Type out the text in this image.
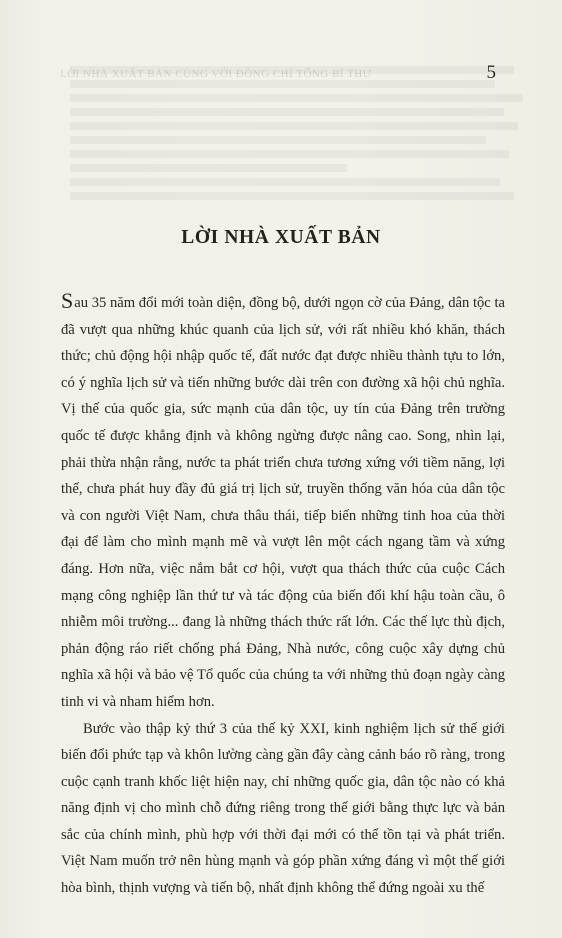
LỜI NHÀ XUẤT BẢN CÙNG VỚI ĐỒNG CHÍ TỔNG BÍ THƯ	5
LỜI NHÀ XUẤT BẢN

Sau 35 năm đổi mới toàn diện, đồng bộ, dưới ngọn cờ của Đảng, dân tộc ta đã vượt qua những khúc quanh của lịch sử, với rất nhiều khó khăn, thách thức; chủ động hội nhập quốc tế, đất nước đạt được nhiều thành tựu to lớn, có ý nghĩa lịch sử và tiến những bước dài trên con đường xã hội chủ nghĩa. Vị thế của quốc gia, sức mạnh của dân tộc, uy tín của Đảng trên trường quốc tế được khẳng định và không ngừng được nâng cao. Song, nhìn lại, phải thừa nhận rằng, nước ta phát triển chưa tương xứng với tiềm năng, lợi thế, chưa phát huy đầy đủ giá trị lịch sử, truyền thống văn hóa của dân tộc và con người Việt Nam, chưa thâu thái, tiếp biến những tinh hoa của thời đại để làm cho mình mạnh mẽ và vượt lên một cách ngang tầm và xứng đáng. Hơn nữa, việc nắm bắt cơ hội, vượt qua thách thức của cuộc Cách mạng công nghiệp lần thứ tư và tác động của biến đổi khí hậu toàn cầu, ô nhiễm môi trường... đang là những thách thức rất lớn. Các thế lực thù địch, phản động ráo riết chống phá Đảng, Nhà nước, công cuộc xây dựng chủ nghĩa xã hội và bảo vệ Tổ quốc của chúng ta với những thủ đoạn ngày càng tinh vi và nham hiểm hơn.

Bước vào thập kỷ thứ 3 của thế kỷ XXI, kinh nghiệm lịch sử thế giới biến đổi phức tạp và khôn lường càng gần đây càng cảnh báo rõ ràng, trong cuộc cạnh tranh khốc liệt hiện nay, chỉ những quốc gia, dân tộc nào có khả năng định vị cho mình chỗ đứng riêng trong thế giới bằng thực lực và bản sắc của chính mình, phù hợp với thời đại mới có thể tồn tại và phát triển. Việt Nam muốn trở nên hùng mạnh và góp phần xứng đáng vì một thế giới hòa bình, thịnh vượng và tiến bộ, nhất định không thể đứng ngoài xu thế
